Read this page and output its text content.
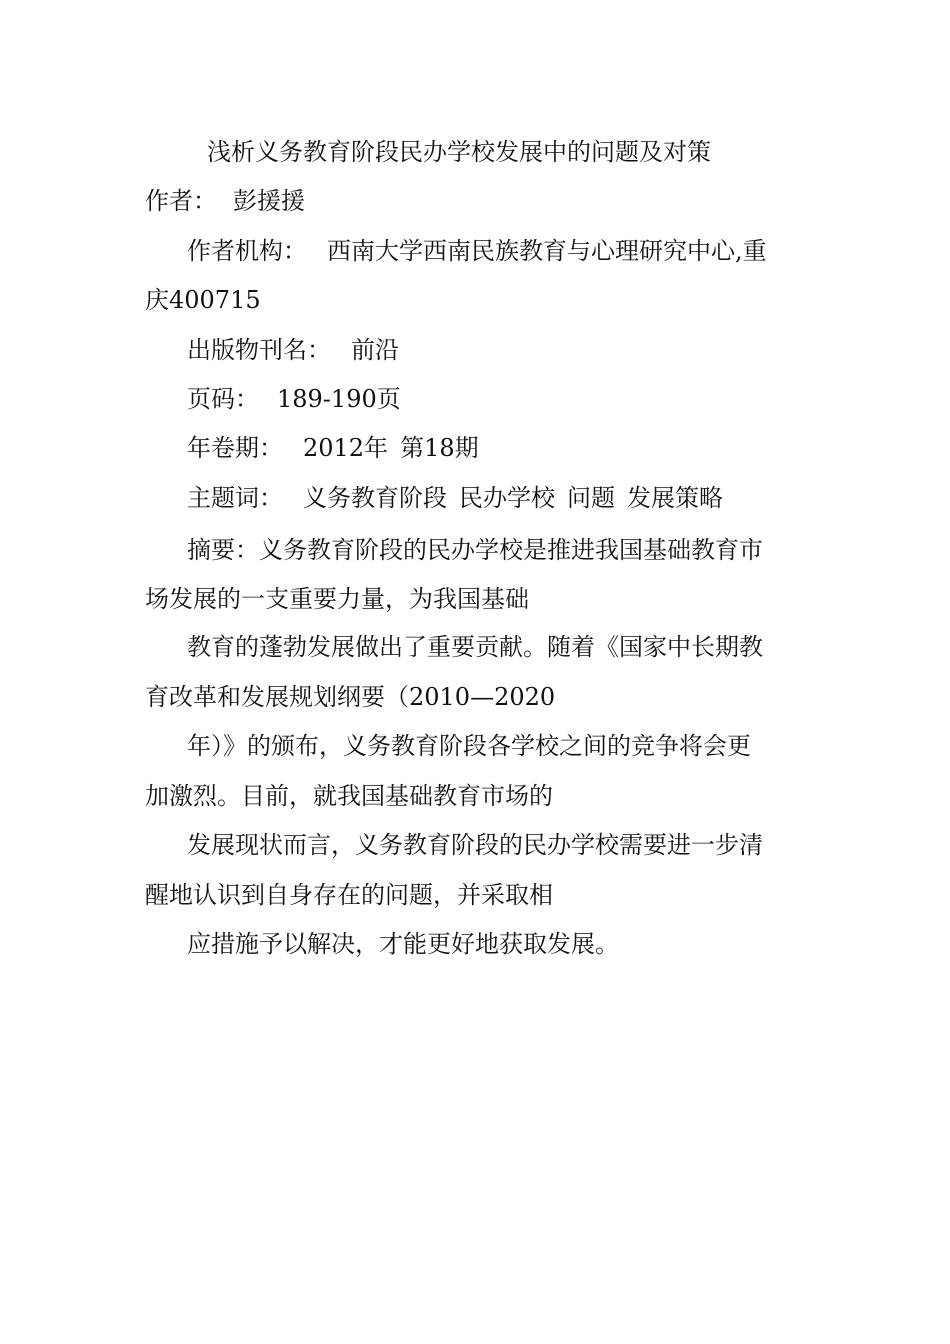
浅析义务教育阶段民办学校发展中的问题及对策
作者： 彭援援
作者机构： 西南大学西南民族教育与心理研究中心,重
庆400715
出版物刊名： 前沿
页码： 189-190页
年卷期： 2012年 第18期
主题词： 义务教育阶段 民办学校 问题 发展策略
摘要：义务教育阶段的民办学校是推进我国基础教育市
场发展的一支重要力量，为我国基础
教育的蓬勃发展做出了重要贡献。随着《国家中长期教
育改革和发展规划纲要（2010—2020
年）》的颁布，义务教育阶段各学校之间的竞争将会更
加激烈。目前，就我国基础教育市场的
发展现状而言，义务教育阶段的民办学校需要进一步清
醒地认识到自身存在的问题，并采取相
应措施予以解决，才能更好地获取发展。
